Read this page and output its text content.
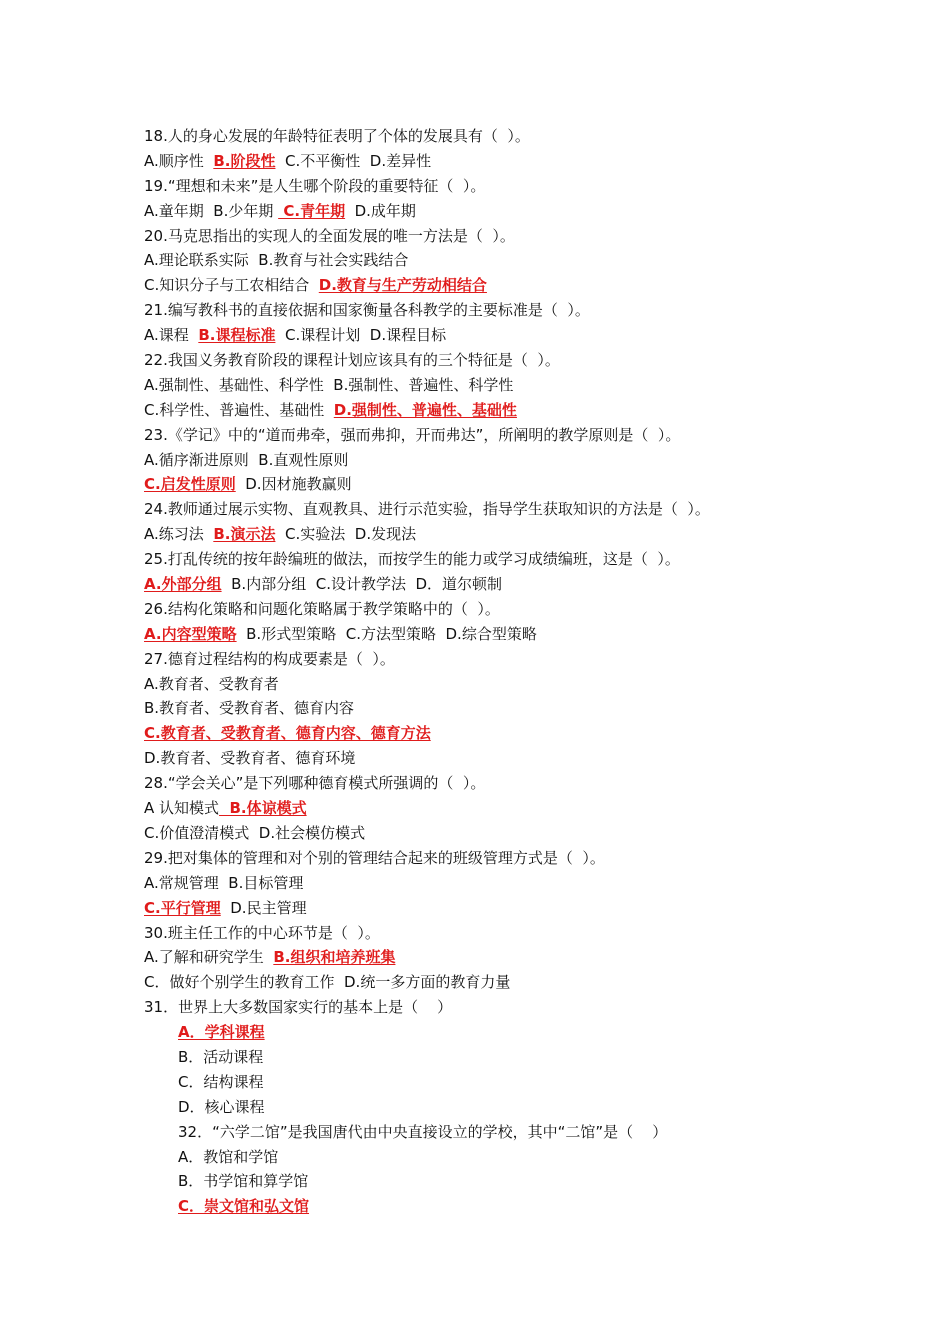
18.人的身心发展的年龄特征表明了个体的发展具有（  ）。
A.顺序性  B.阶段性  C.不平衡性  D.差异性
19.“理想和未来”是人生哪个阶段的重要特征（  ）。
A.童年期  B.少年期  C.青年期  D.成年期
20.马克思指出的实现人的全面发展的唯一方法是（  ）。
A.理论联系实际  B.教育与社会实践结合
C.知识分子与工农相结合  D.教育与生产劳动相结合
21.编写教科书的直接依据和国家衡量各科教学的主要标准是（  ）。
A.课程  B.课程标准  C.课程计划  D.课程目标
22.我国义务教育阶段的课程计划应该具有的三个特征是（  ）。
A.强制性、基础性、科学性  B.强制性、普遍性、科学性
C.科学性、普遍性、基础性  D.强制性、普遍性、基础性
23.《学记》中的“道而弗牵，强而弗抑，开而弗达”，所阐明的教学原则是（  ）。
A.循序渐进原则  B.直观性原则
C.启发性原则  D.因材施教赢则
24.教师通过展示实物、直观教具、进行示范实验，指导学生获取知识的方法是（  ）。
A.练习法  B.演示法  C.实验法  D.发现法
25.打乱传统的按年龄编班的做法，而按学生的能力或学习成绩编班，这是（  ）。
A.外部分组  B.内部分组  C.设计教学法  D．道尔顿制
26.结构化策略和问题化策略属于教学策略中的（  ）。
A.内容型策略  B.形式型策略  C.方法型策略  D.综合型策略
27.德育过程结构的构成要素是（  ）。
A.教育者、受教育者
B.教育者、受教育者、德育内容
C.教育者、受教育者、德育内容、德育方法
D.教育者、受教育者、德育环境
28.“学会关心”是下列哪种德育模式所强调的（  ）。
A 认知模式  B.体谅模式
C.价值澄清模式  D.社会模仿模式
29.把对集体的管理和对个别的管理结合起来的班级管理方式是（  ）。
A.常规管理  B.目标管理
C.平行管理  D.民主管理
30.班主任工作的中心环节是（  ）。
A.了解和研究学生  B.组织和培养班集
C．做好个别学生的教育工作  D.统一多方面的教育力量
31．世界上大多数国家实行的基本上是（    ）
A．学科课程
B．活动课程
C．结构课程
D．核心课程
32．“六学二馆”是我国唐代由中央直接设立的学校，其中“二馆”是（    ）
A．教馆和学馆
B．书学馆和算学馆
C．崇文馆和弘文馆
